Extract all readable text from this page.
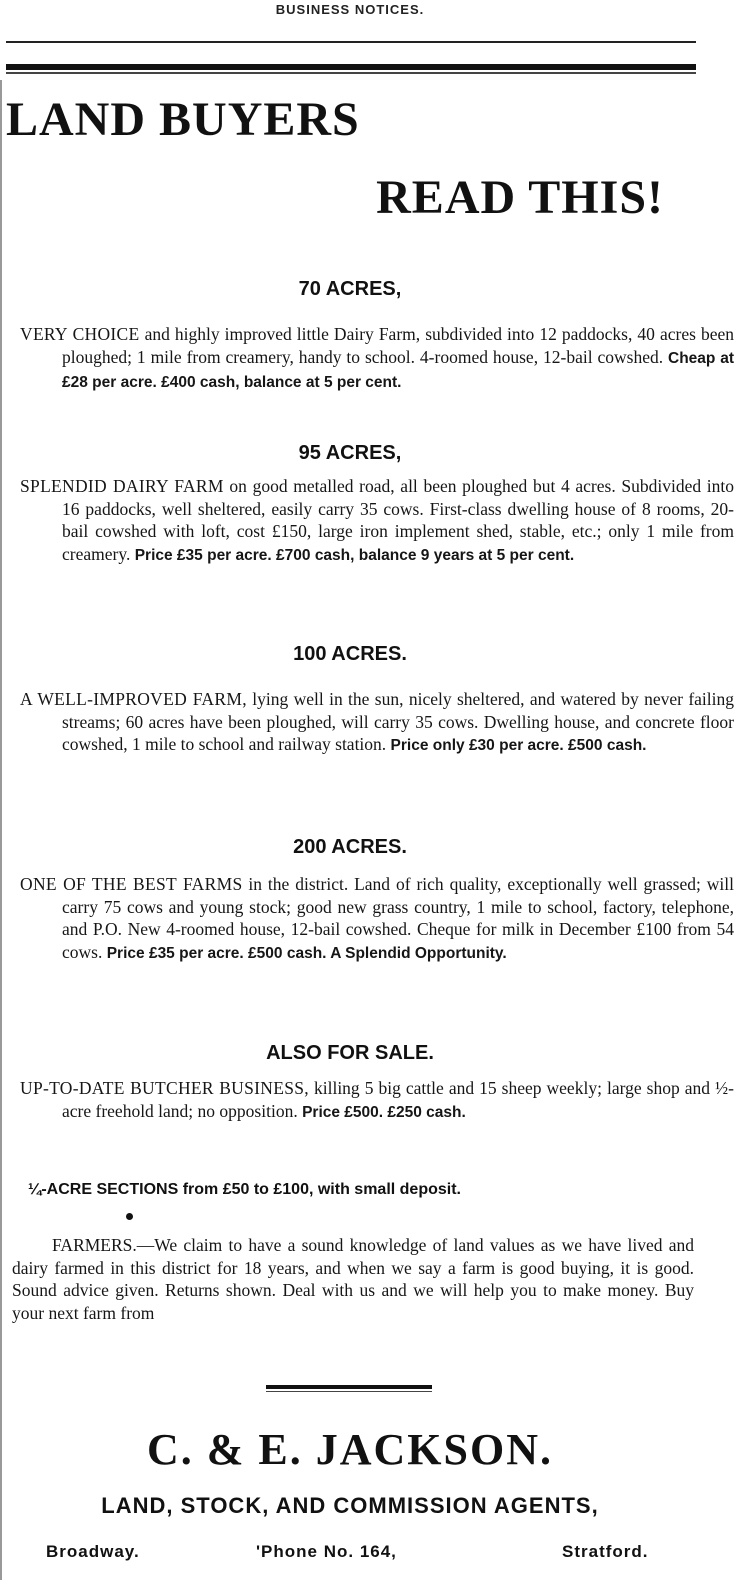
BUSINESS NOTICES.
LAND BUYERS
READ THIS!
70 ACRES,
VERY CHOICE and highly improved little Dairy Farm, subdivided into 12 paddocks, 40 acres been ploughed; 1 mile from creamery, handy to school. 4-roomed house, 12-bail cowshed. Cheap at £28 per acre. £400 cash, balance at 5 per cent.
95 ACRES,
SPLENDID DAIRY FARM on good metalled road, all been ploughed but 4 acres. Subdivided into 16 paddocks, well sheltered, easily carry 35 cows. First-class dwelling house of 8 rooms, 20-bail cowshed with loft, cost £150, large iron implement shed, stable, etc.; only 1 mile from creamery. Price £35 per acre. £700 cash, balance 9 years at 5 per cent.
100 ACRES.
A WELL-IMPROVED FARM, lying well in the sun, nicely sheltered, and watered by never failing streams; 60 acres have been ploughed, will carry 35 cows. Dwelling house, and concrete floor cowshed, 1 mile to school and railway station. Price only £30 per acre. £500 cash.
200 ACRES.
ONE OF THE BEST FARMS in the district. Land of rich quality, exceptionally well grassed; will carry 75 cows and young stock; good new grass country, 1 mile to school, factory, telephone, and P.O. New 4-roomed house, 12-bail cowshed. Cheque for milk in December £100 from 54 cows. Price £35 per acre. £500 cash. A Splendid Opportunity.
ALSO FOR SALE.
UP-TO-DATE BUTCHER BUSINESS, killing 5 big cattle and 15 sheep weekly; large shop and ½-acre freehold land; no opposition. Price £500. £250 cash.
¼-ACRE SECTIONS from £50 to £100, with small deposit.
FARMERS.—We claim to have a sound knowledge of land values as we have lived and dairy farmed in this district for 18 years, and when we say a farm is good buying, it is good. Sound advice given. Returns shown. Deal with us and we will help you to make money. Buy your next farm from
C. & E. JACKSON.
LAND, STOCK, AND COMMISSION AGENTS,
Broadway.	'Phone No. 164,	Stratford.
